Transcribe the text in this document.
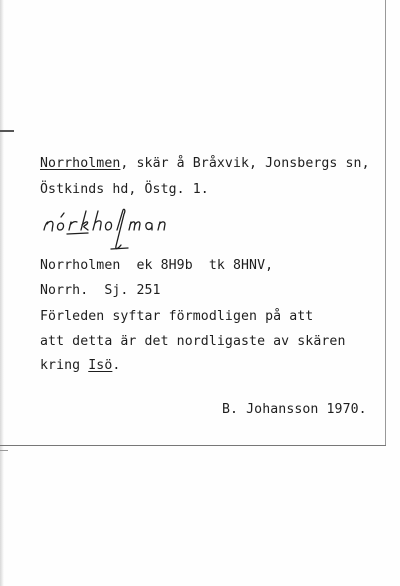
Norrholmen, skär å Bråxvik, Jonsbergs sn,
Östkinds hd, Östg. 1.
Norrholmen  ek 8H9b  tk 8HNV,
Norrh.  Sj. 251
Förleden syftar förmodligen på att
att detta är det nordligaste av skären
kring Isö.
B. Johansson 1970.
